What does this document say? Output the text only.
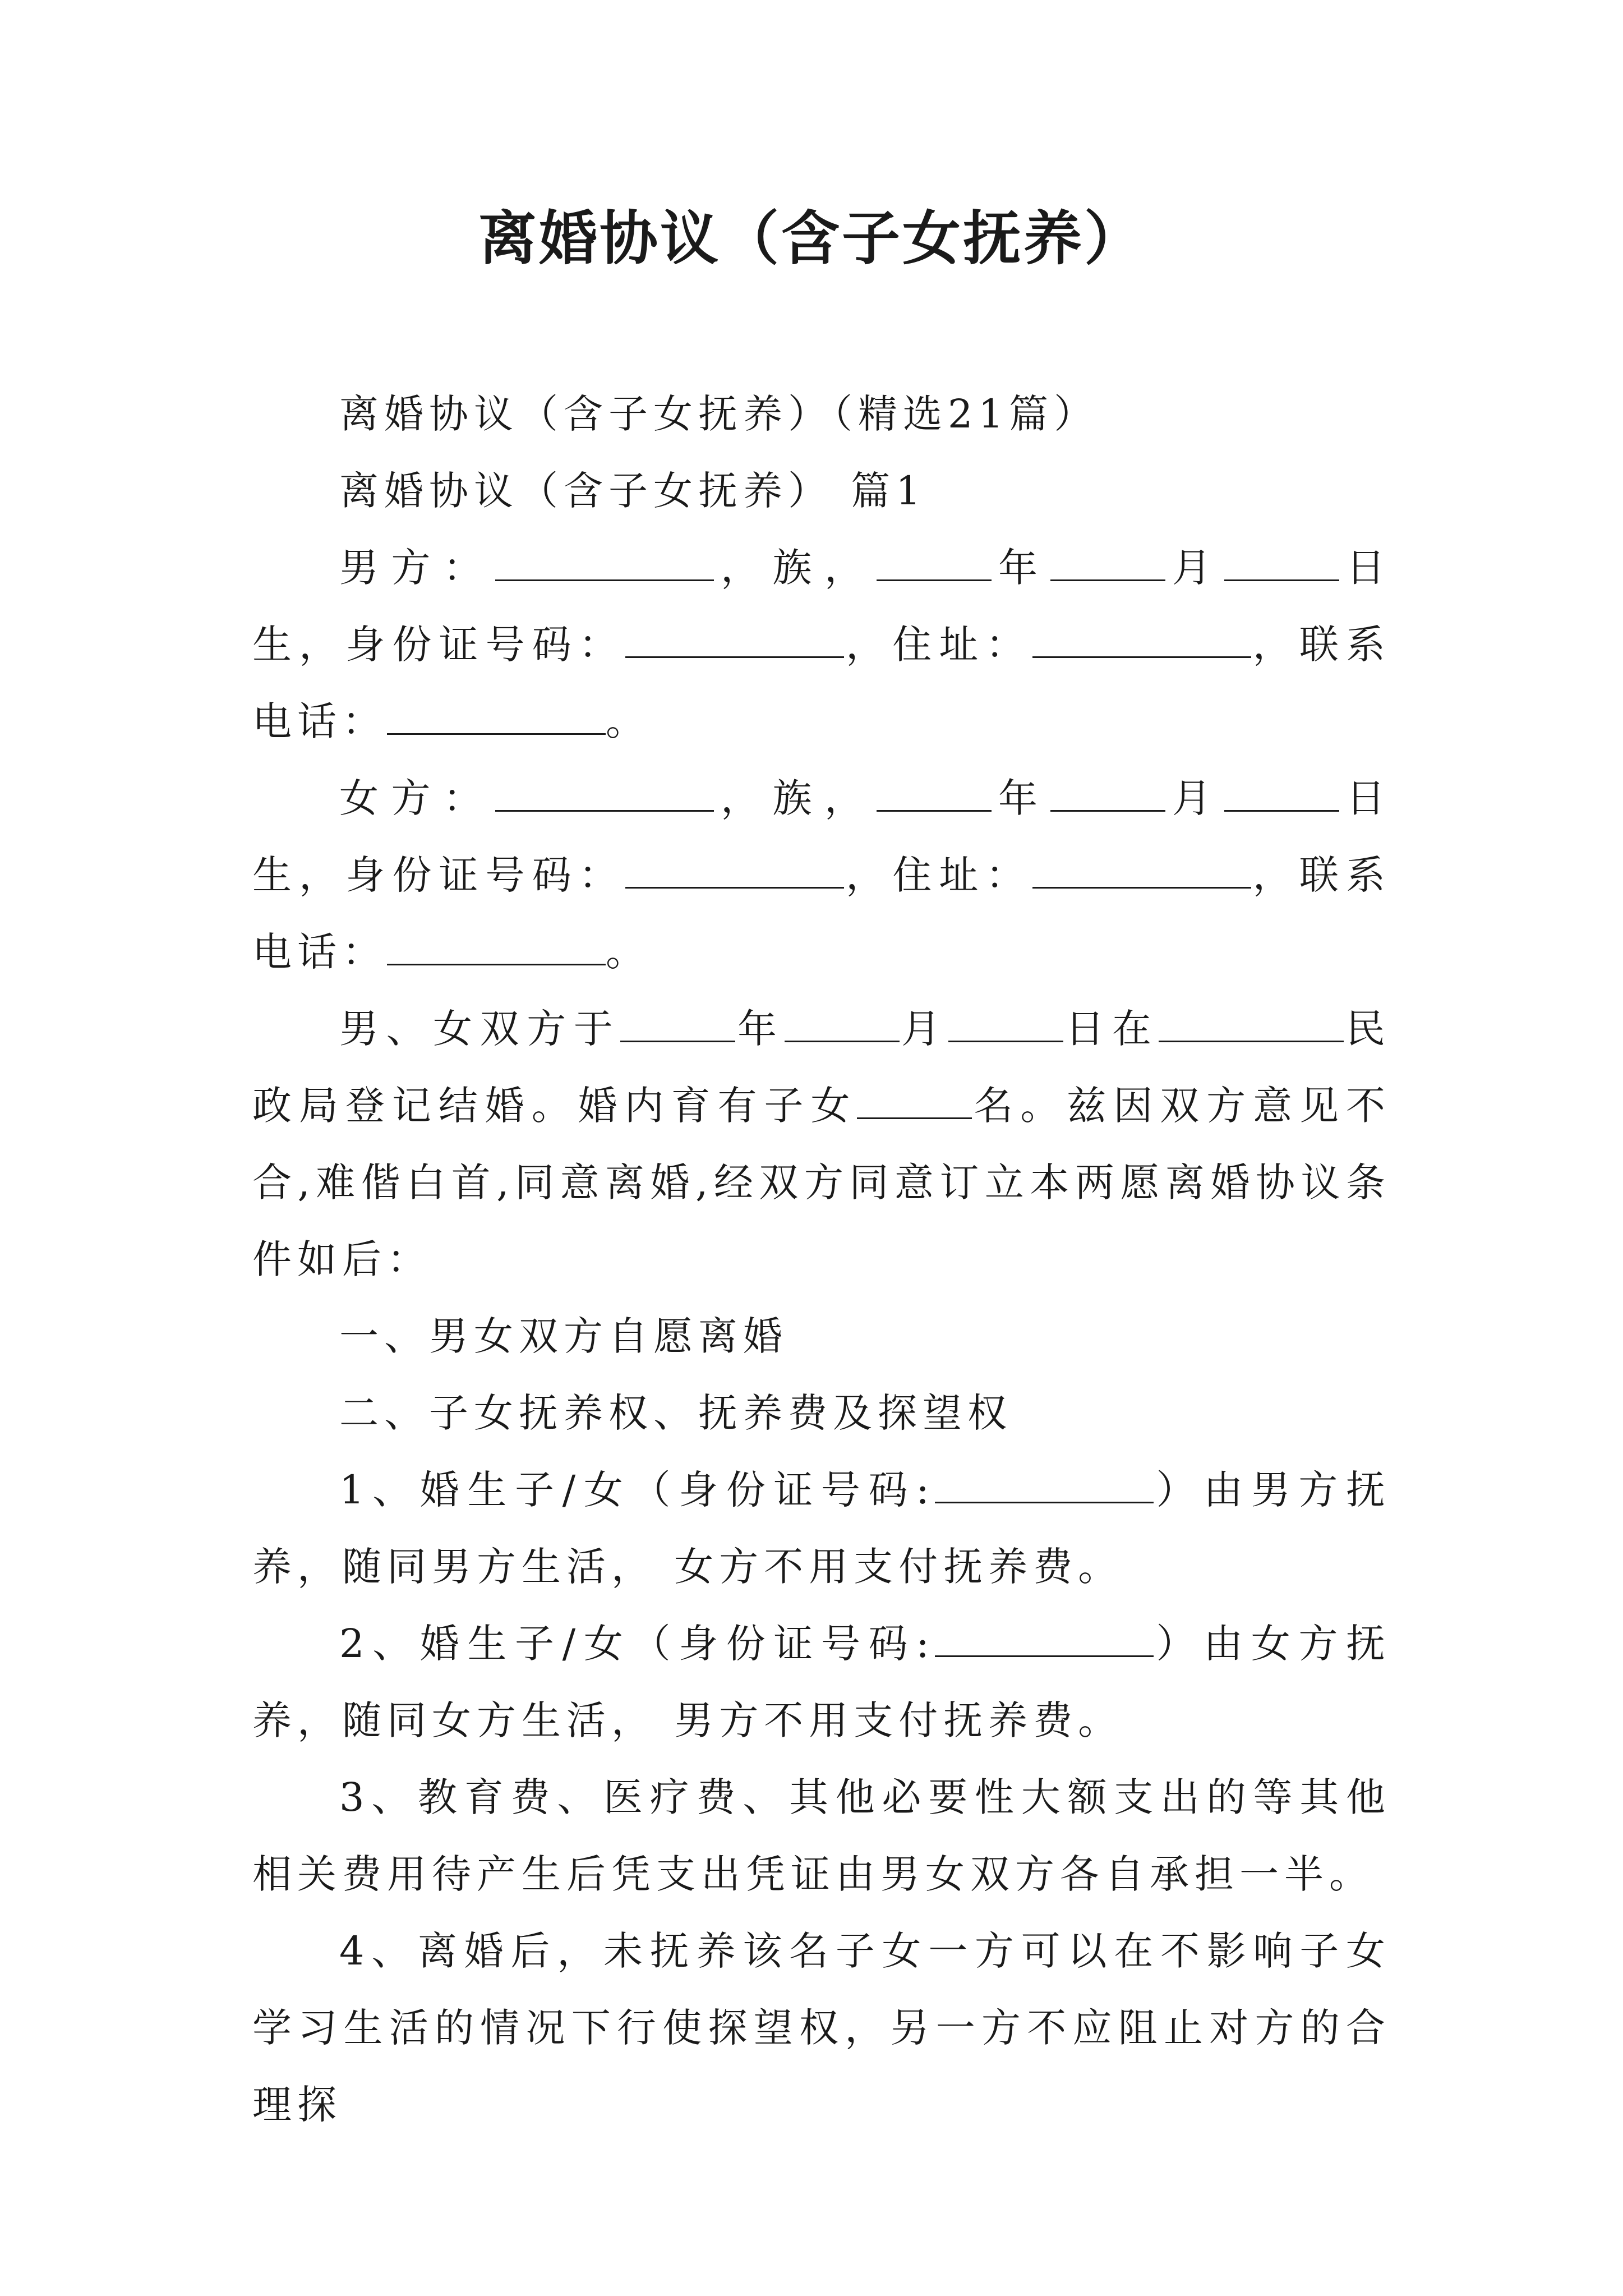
离婚协议（含子女抚养）

离婚协议（含子女抚养）（精选21篇）

离婚协议（含子女抚养） 篇1

男方：	，族，	年	月	日生，身份证号码：	，住址：	，联系电话：	。

女方：	，族，	年	月	日生，身份证号码：	，住址：	，联系电话：	。

男、女双方于	年	月	日在	民政局登记结婚。婚内育有子女	名。兹因双方意见不合,难偕白首,同意离婚,经双方同意订立本两愿离婚协议条件如后：

一、男女双方自愿离婚

二、子女抚养权、抚养费及探望权

1、婚生子/女（身份证号码:	）由男方抚养，随同男方生活， 女方不用支付抚养费。

2、婚生子/女（身份证号码:	）由女方抚养，随同女方生活， 男方不用支付抚养费。

3、教育费、医疗费、其他必要性大额支出的等其他相关费用待产生后凭支出凭证由男女双方各自承担一半。

4、离婚后，未抚养该名子女一方可以在不影响子女学习生活的情况下行使探望权，另一方不应阻止对方的合理探
